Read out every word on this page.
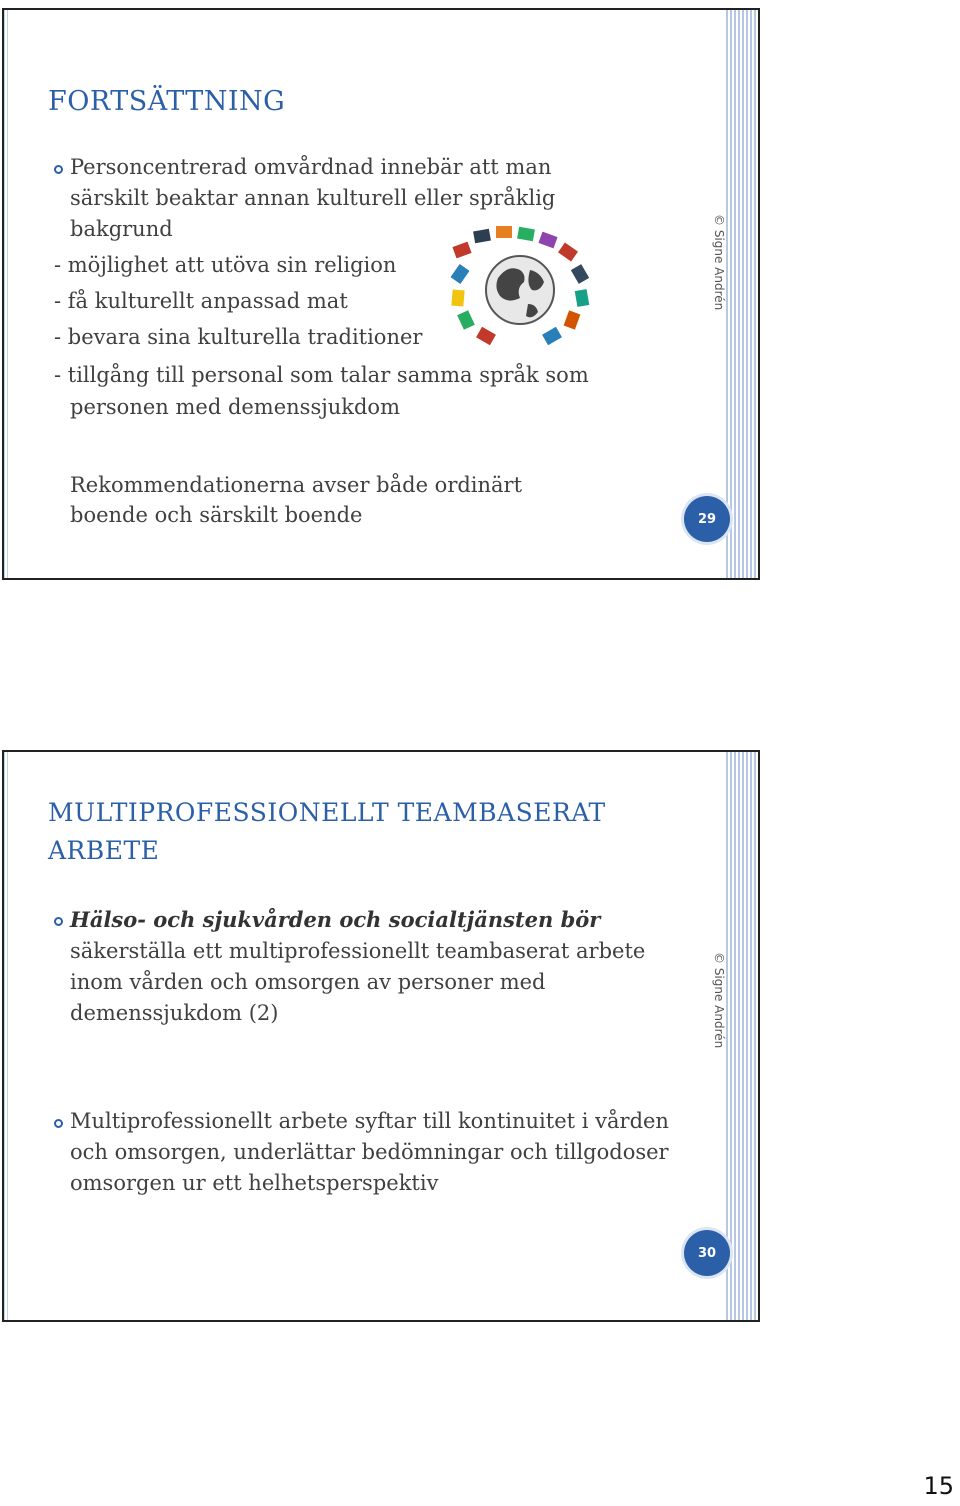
FORTSÄTTNING

Personcentrerad omvårdnad innebär att man särskilt beaktar annan kulturell eller språklig bakgrund

- möjlighet att utöva sin religion

- få kulturellt anpassad mat

- bevara sina kulturella traditioner

- tillgång till personal som talar samma språk som

personen med demenssjukdom

Rekommendationerna avser både ordinärt

boende och särskilt boende

© Signe Andrén
29
MULTIPROFESSIONELLT TEAMBASERAT
ARBETE

Hälso- och sjukvården och socialtjänsten bör säkerställa ett multiprofessionellt teambaserat arbete inom vården och omsorgen av personer med demenssjukdom (2)

Multiprofessionellt arbete syftar till kontinuitet i vården och omsorgen, underlättar bedömningar och tillgodoser omsorgen ur ett helhetsperspektiv

© Signe Andrén
30
15
